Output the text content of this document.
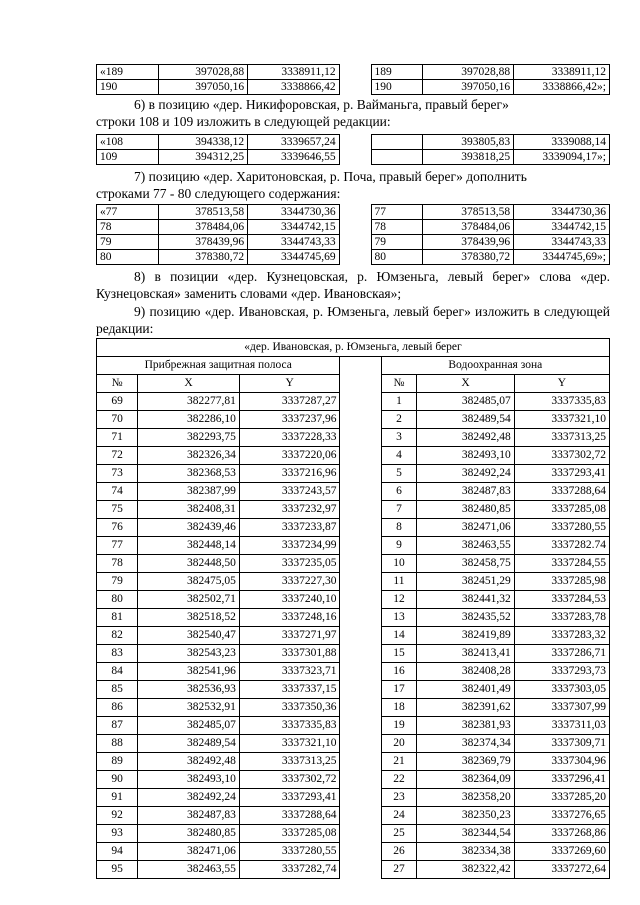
«189	397028,88	3338911,12		189	397028,88	3338911,12
190	397050,16	3338866,42		190	397050,16	3338866,42»;
6) в позицию «дер. Никифоровская, р. Вайманьга, правый берег»
строки 108 и 109 изложить в следующей редакции:
«108	394338,12	3339657,24			393805,83	3339088,14
109	394312,25	3339646,55			393818,25	3339094,17»;
7) позицию «дер. Харитоновская, р. Поча, правый берег» дополнить
строками 77 - 80 следующего содержания:
«77	378513,58	3344730,36		77	378513,58	3344730,36
78	378484,06	3344742,15		78	378484,06	3344742,15
79	378439,96	3344743,33		79	378439,96	3344743,33
80	378380,72	3344745,69		80	378380,72	3344745,69»;
8) в позиции «дер. Кузнецовская, р. Юмзеньга, левый берег» слова «дер. Кузнецовская» заменить словами «дер. Ивановская»;
9) позицию «дер. Ивановская, р. Юмзеньга, левый берег» изложить в следующей редакции:
«дер. Ивановская, р. Юмзеньга, левый берег						
Прибрежная защитная полоса				Водоохранная зона		
№	X	Y		№	X	Y
69	382277,81	3337287,27		1	382485,07	3337335,83
70	382286,10	3337237,96		2	382489,54	3337321,10
71	382293,75	3337228,33		3	382492,48	3337313,25
72	382326,34	3337220,06		4	382493,10	3337302,72
73	382368,53	3337216,96		5	382492,24	3337293,41
74	382387,99	3337243,57		6	382487,83	3337288,64
75	382408,31	3337232,97		7	382480,85	3337285,08
76	382439,46	3337233,87		8	382471,06	3337280,55
77	382448,14	3337234,99		9	382463,55	3337282.74
78	382448,50	3337235,05		10	382458,75	3337284,55
79	382475,05	3337227,30		11	382451,29	3337285,98
80	382502,71	3337240,10		12	382441,32	3337284,53
81	382518,52	3337248,16		13	382435,52	3337283,78
82	382540,47	3337271,97		14	382419,89	3337283,32
83	382543,23	3337301,88		15	382413,41	3337286,71
84	382541,96	3337323,71		16	382408,28	3337293,73
85	382536,93	3337337,15		17	382401,49	3337303,05
86	382532,91	3337350,36		18	382391,62	3337307,99
87	382485,07	3337335,83		19	382381,93	3337311,03
88	382489,54	3337321,10		20	382374,34	3337309,71
89	382492,48	3337313,25		21	382369,79	3337304,96
90	382493,10	3337302,72		22	382364,09	3337296,41
91	382492,24	3337293,41		23	382358,20	3337285,20
92	382487,83	3337288,64		24	382350,23	3337276,65
93	382480,85	3337285,08		25	382344,54	3337268,86
94	382471,06	3337280,55		26	382334,38	3337269,60
95	382463,55	3337282,74		27	382322,42	3337272,64
